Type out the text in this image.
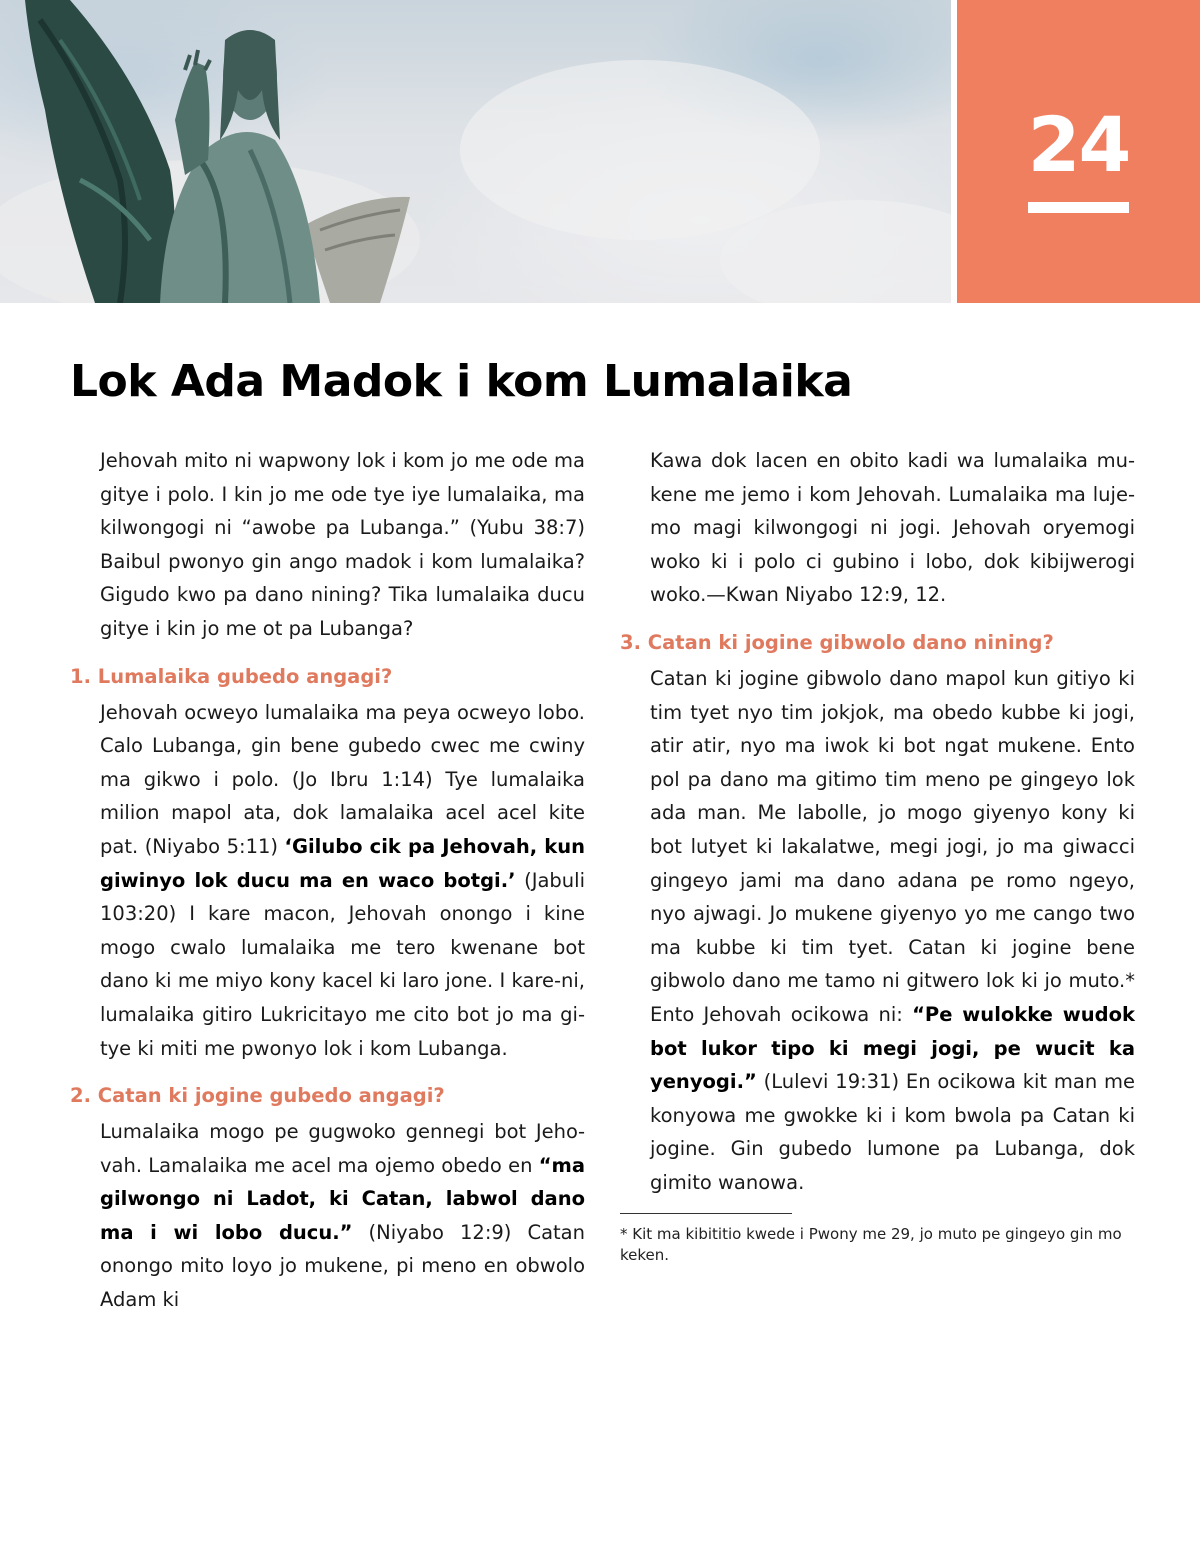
24
Lok Ada Madok i kom Lumalaika

Jehovah mito ni wapwony lok i kom jo me ode ma gitye i polo. I kin jo me ode tye iye lumalaika, ma kilwongogi ni “awobe pa Lubanga.” (Yubu 38:7) Baibul pwonyo gin ango madok i kom lumalaika? Gigudo kwo pa dano nining? Tika lumalaika ducu gitye i kin jo me ot pa Lubanga?

1. Lumalaika gubedo angagi?

Jehovah ocweyo lumalaika ma peya ocweyo lobo. Calo Lubanga, gin bene gubedo cwec me cwiny ma gikwo i polo. (Jo Ibru 1:14) Tye lumalaika milion mapol ata, dok lamalaika acel acel kite pat. (Niyabo 5:11) ‘Gilubo cik pa Jehovah, kun giwinyo lok ducu ma en waco botgi.’ (Jabuli 103:20) I kare macon, Jehovah onongo i kine mogo cwalo lumalaika me tero kwenane bot dano ki me miyo kony kacel ki laro jone. I kare-ni, lumalaika gitiro Lukricitayo me cito bot jo ma gitye ki miti me pwonyo lok i kom Lubanga.

2. Catan ki jogine gubedo angagi?

Lumalaika mogo pe gugwoko gennegi bot Jehovah. Lamalaika me acel ma ojemo obedo en “ma gilwongo ni Ladot, ki Catan, labwol dano ma i wi lobo ducu.” (Niyabo 12:9) Catan onongo mito loyo jo mukene, pi meno en obwolo Adam ki

Kawa dok lacen en obito kadi wa lumalaika mukene me jemo i kom Jehovah. Lumalaika ma lujemo magi kilwongogi ni jogi. Jehovah oryemogi woko ki i polo ci gubino i lobo, dok kibijwerogi woko.—Kwan Niyabo 12:9, 12.

3. Catan ki jogine gibwolo dano nining?

Catan ki jogine gibwolo dano mapol kun gitiyo ki tim tyet nyo tim jokjok, ma obedo kubbe ki jogi, atir atir, nyo ma iwok ki bot ngat mukene. Ento pol pa dano ma gitimo tim meno pe gingeyo lok ada man. Me labolle, jo mogo giyenyo kony ki bot lutyet ki lakalatwe, megi jogi, jo ma giwacci gingeyo jami ma dano adana pe romo ngeyo, nyo ajwagi. Jo mukene giyenyo yo me cango two ma kubbe ki tim tyet. Catan ki jogine bene gibwolo dano me tamo ni gitwero lok ki jo muto.* Ento Jehovah ocikowa ni: “Pe wulokke wudok bot lukor tipo ki megi jogi, pe wucit ka yenyogi.” (Lulevi 19:31) En ocikowa kit man me konyowa me gwokke ki i kom bwola pa Catan ki jogine. Gin gubedo lumone pa Lubanga, dok gimito wanowa.

* Kit ma kibititio kwede i Pwony me 29, jo muto pe gingeyo gin mo keken.
